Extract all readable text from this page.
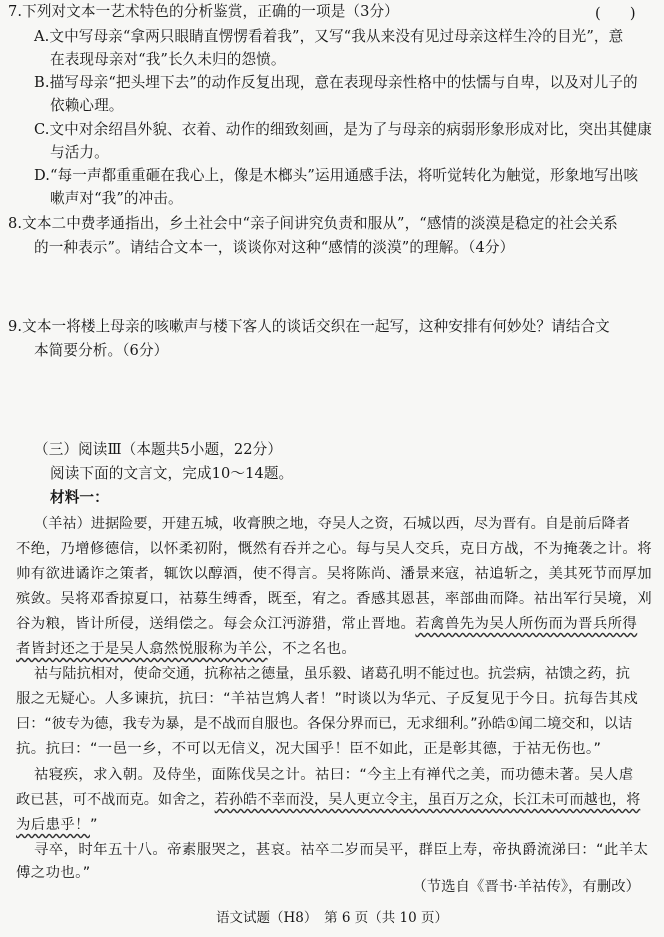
7.下列对文本一艺术特色的分析鉴赏，正确的一项是（3分）	(　　)
A.文中写母亲“拿两只眼睛直愣愣看着我”，又写“我从来没有见过母亲这样生冷的目光”，意
在表现母亲对“我”长久未归的怨愤。
B.描写母亲“把头埋下去”的动作反复出现，意在表现母亲性格中的怯懦与自卑，以及对儿子的
依赖心理。
C.文中对余绍昌外貌、衣着、动作的细致刻画，是为了与母亲的病弱形象形成对比，突出其健康
与活力。
D.“每一声都重重砸在我心上，像是木榔头”运用通感手法，将听觉转化为触觉，形象地写出咳
嗽声对“我”的冲击。
8.文本二中费孝通指出，乡土社会中“亲子间讲究负责和服从”，“感情的淡漠是稳定的社会关系
的一种表示”。请结合文本一，谈谈你对这种“感情的淡漠”的理解。（4分）
9.文本一将楼上母亲的咳嗽声与楼下客人的谈话交织在一起写，这种安排有何妙处？请结合文
本简要分析。（6分）
（三）阅读Ⅲ（本题共5小题，22分）
阅读下面的文言文，完成10～14题。
材料一：
（羊祜）进据险要，开建五城，收膏腴之地，夺吴人之资，石城以西，尽为晋有。自是前后降者
不绝，乃增修德信，以怀柔初附，慨然有吞并之心。每与吴人交兵，克日方战，不为掩袭之计。将
帅有欲进谲诈之策者，辄饮以醇酒，使不得言。吴将陈尚、潘景来寇，祜追斩之，美其死节而厚加
殡敛。吴将邓香掠夏口，祜募生缚香，既至，宥之。香感其恩甚，率部曲而降。祜出军行吴境，刈
谷为粮，皆计所侵，送绢偿之。每会众江沔游猎，常止晋地。若禽兽先为吴人所伤而为晋兵所得
者皆封还之于是吴人翕然悦服称为羊公，不之名也。
祜与陆抗相对，使命交通，抗称祜之德量，虽乐毅、诸葛孔明不能过也。抗尝病，祜馈之药，抗
服之无疑心。人多谏抗，抗曰：“羊祜岂鸩人者！”时谈以为华元、子反复见于今日。抗每告其戍
曰：“彼专为德，我专为暴，是不战而自服也。各保分界而已，无求细利。”孙皓①闻二境交和，以诘
抗。抗曰：“一邑一乡，不可以无信义，况大国乎！臣不如此，正是彰其德，于祜无伤也。”
祜寝疾，求入朝。及侍坐，面陈伐吴之计。祜曰：“今主上有禅代之美，而功德未著。吴人虐
政已甚，可不战而克。如舍之，若孙皓不幸而没，吴人更立令主，虽百万之众，长江未可而越也，将
为后患乎！”
寻卒，时年五十八。帝素服哭之，甚哀。祜卒二岁而吴平，群臣上寿，帝执爵流涕曰：“此羊太
傅之功也。”
（节选自《晋书·羊祜传》，有删改）
语文试题（H8）　第 6 页（共 10 页）
